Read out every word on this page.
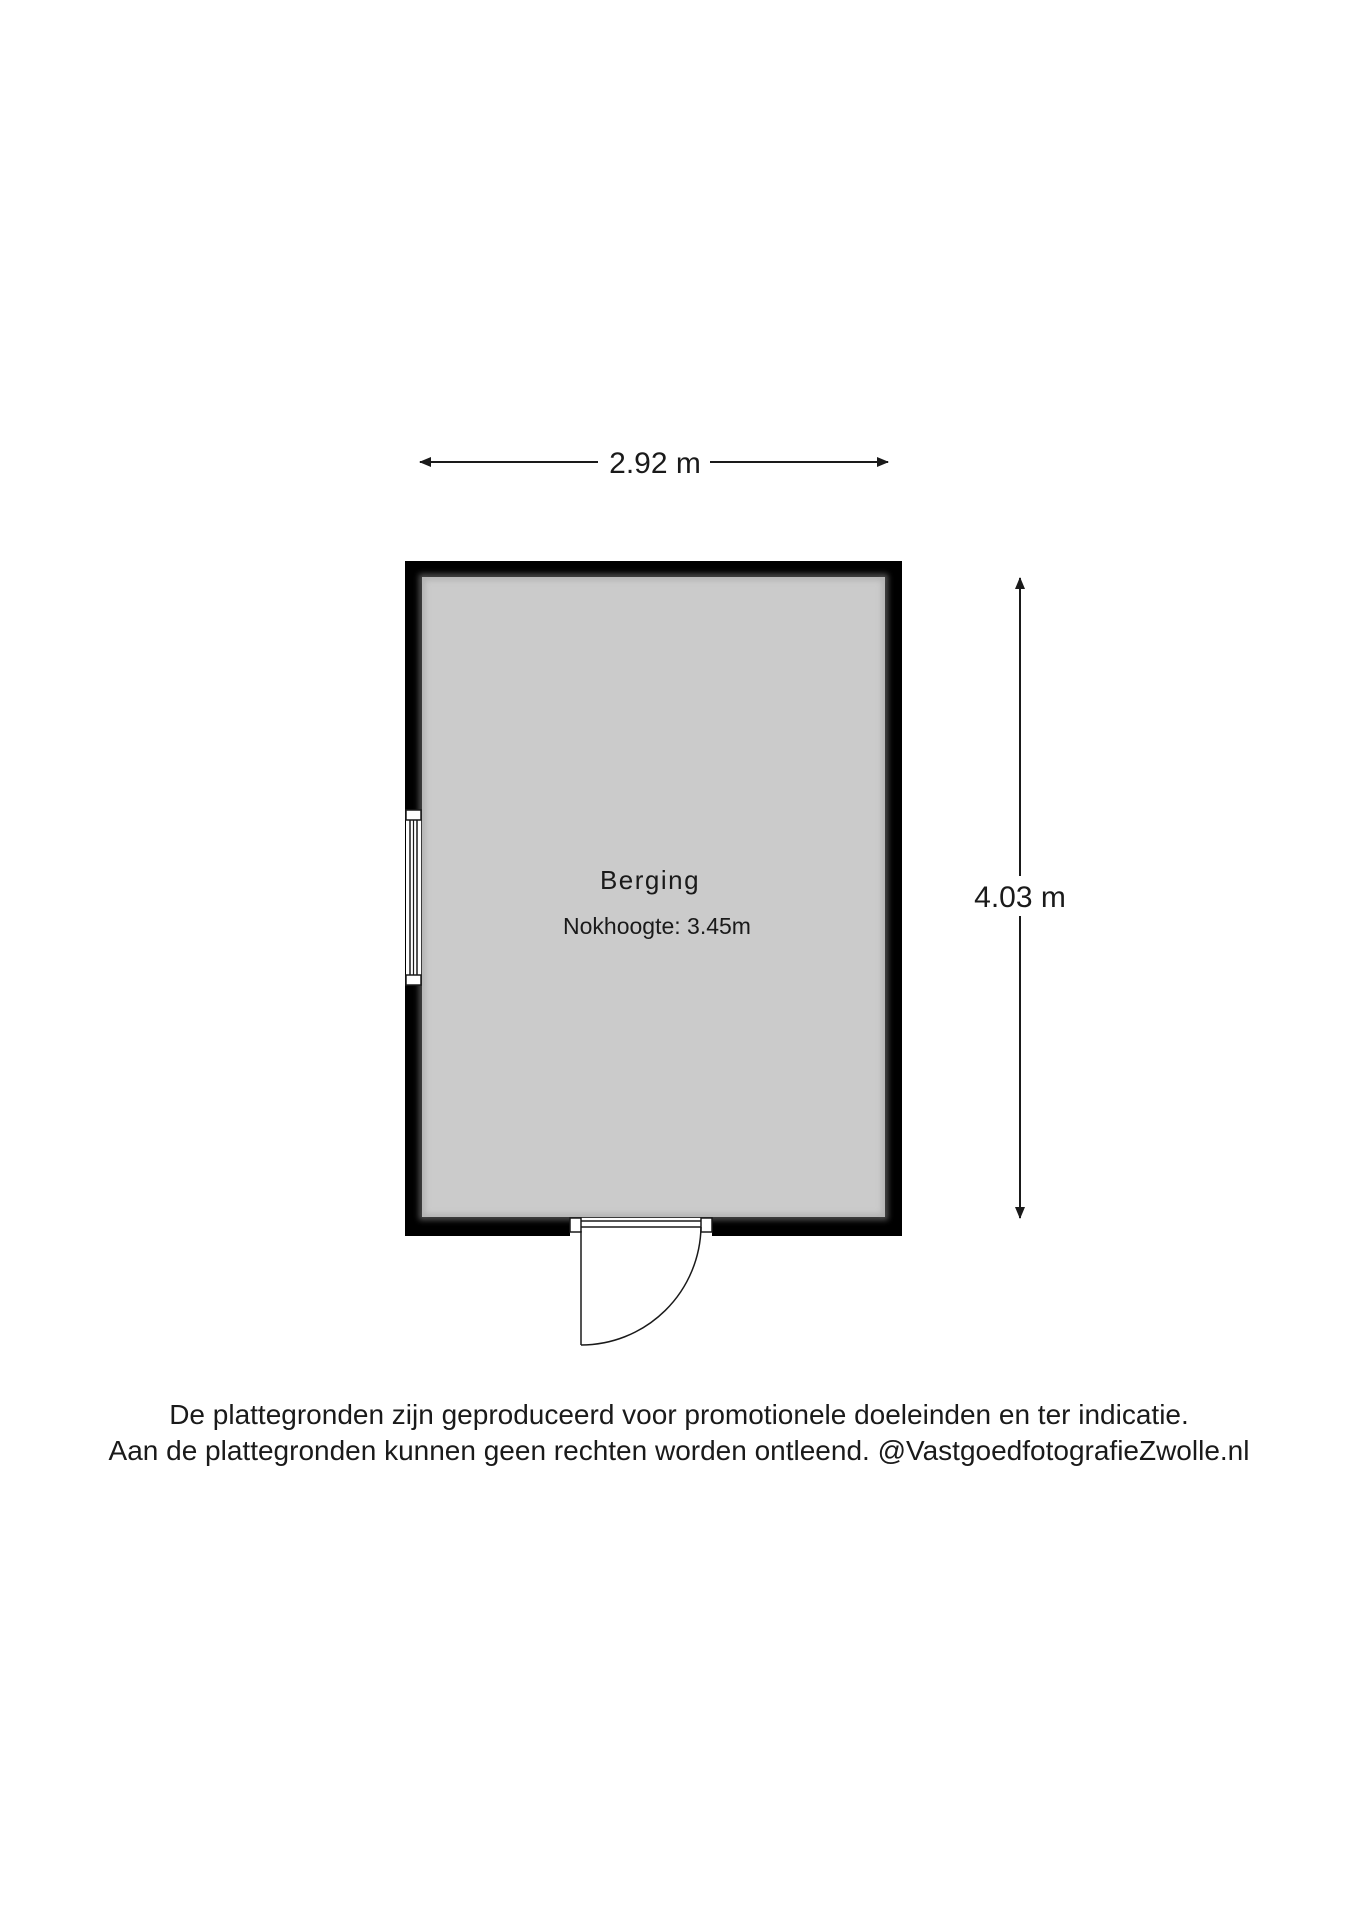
2.92 m
4.03 m
Berging
Nokhoogte: 3.45m
De plattegronden zijn geproduceerd voor promotionele doeleinden en ter indicatie.
Aan de plattegronden kunnen geen rechten worden ontleend. @VastgoedfotografieZwolle.nl
